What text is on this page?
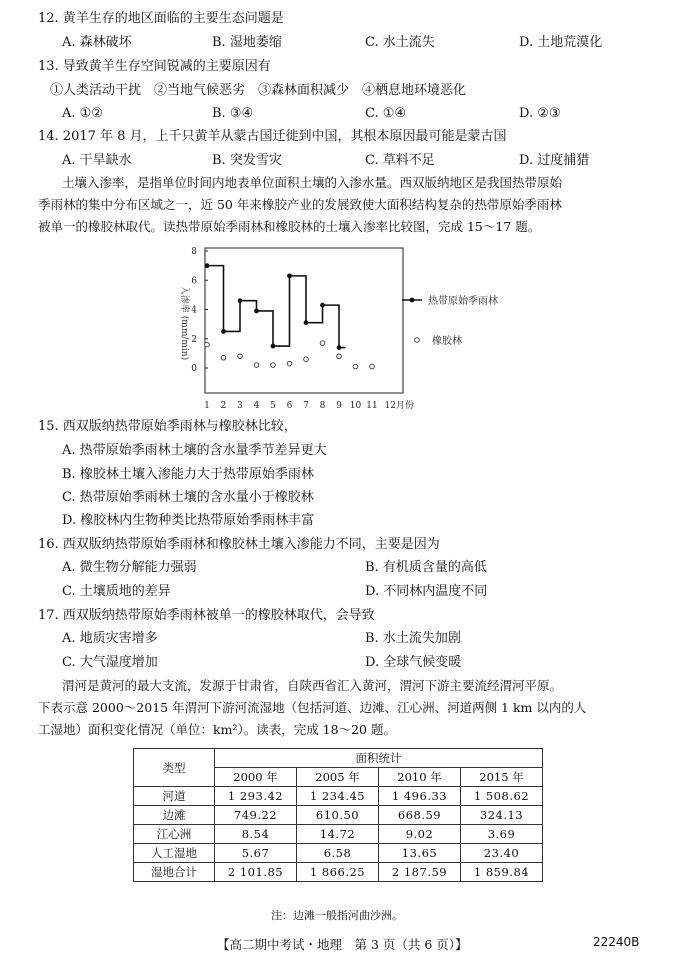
12. 黄羊生存的地区面临的主要生态问题是
A. 森林破坏	B. 湿地萎缩	C. 水土流失	D. 土地荒漠化
13. 导致黄羊生存空间锐减的主要原因有
①人类活动干扰　②当地气候恶劣　③森林面积减少　④栖息地环境恶化
A. ①②	B. ③④	C. ①④	D. ②③
14. 2017 年 8 月，上千只黄羊从蒙古国迁徙到中国，其根本原因最可能是蒙古国
A. 干旱缺水	B. 突发雪灾	C. 草料不足	D. 过度捕猎
土壤入渗率，是指单位时间内地表单位面积土壤的入渗水量。西双版纳地区是我国热带原始
季雨林的集中分布区域之一，近 50 年来橡胶产业的发展致使大面积结构复杂的热带原始季雨林
被单一的橡胶林取代。读热带原始季雨林和橡胶林的土壤入渗率比较图，完成 15～17 题。
入渗率 (mm/min)
0
2
4
6
8
1 2 3 4 5 6 7 8 9 10 11 12月份
热带原始季雨林
橡胶林
15. 西双版纳热带原始季雨林与橡胶林比较，
A. 热带原始季雨林土壤的含水量季节差异更大
B. 橡胶林土壤入渗能力大于热带原始季雨林
C. 热带原始季雨林土壤的含水量小于橡胶林
D. 橡胶林内生物种类比热带原始季雨林丰富
16. 西双版纳热带原始季雨林和橡胶林土壤入渗能力不同，主要是因为
A. 微生物分解能力强弱	B. 有机质含量的高低
C. 土壤质地的差异	D. 不同林内温度不同
17. 西双版纳热带原始季雨林被单一的橡胶林取代，会导致
A. 地质灾害增多	B. 水土流失加剧
C. 大气湿度增加	D. 全球气候变暖
渭河是黄河的最大支流，发源于甘肃省，自陕西省汇入黄河，渭河下游主要流经渭河平原。
下表示意 2000～2015 年渭河下游河流湿地（包括河道、边滩、江心洲、河道两侧 1 km 以内的人
工湿地）面积变化情况（单位：km²）。读表，完成 18～20 题。
类型	面积统计			
	2000 年	2005 年	2010 年	2015 年
河道	1 293.42	1 234.45	1 496.33	1 508.62
边滩	749.22	610.50	668.59	324.13
江心洲	8.54	14.72	9.02	3.69
人工湿地	5.67	6.58	13.65	23.40
湿地合计	2 101.85	1 866.25	2 187.59	1 859.84
注：边滩一般指河曲沙洲。
【高二期中考试・地理　第 3 页（共 6 页）】	22240B
